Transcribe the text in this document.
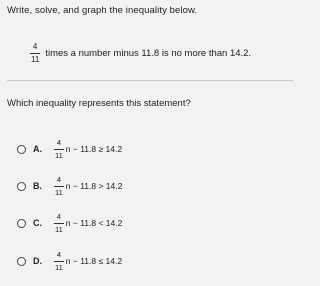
Write, solve, and graph the inequality below.
$\frac{4}{11}$ times a number minus 11.8 is no more than 14.2.
Which inequality represents this statement?
A. $\frac{4}{11}$ n − 11.8 ≥ 14.2
B. $\frac{4}{11}$ n − 11.8 > 14.2
C. $\frac{4}{11}$ n − 11.8 < 14.2
D. $\frac{4}{11}$ n − 11.8 ≤ 14.2
